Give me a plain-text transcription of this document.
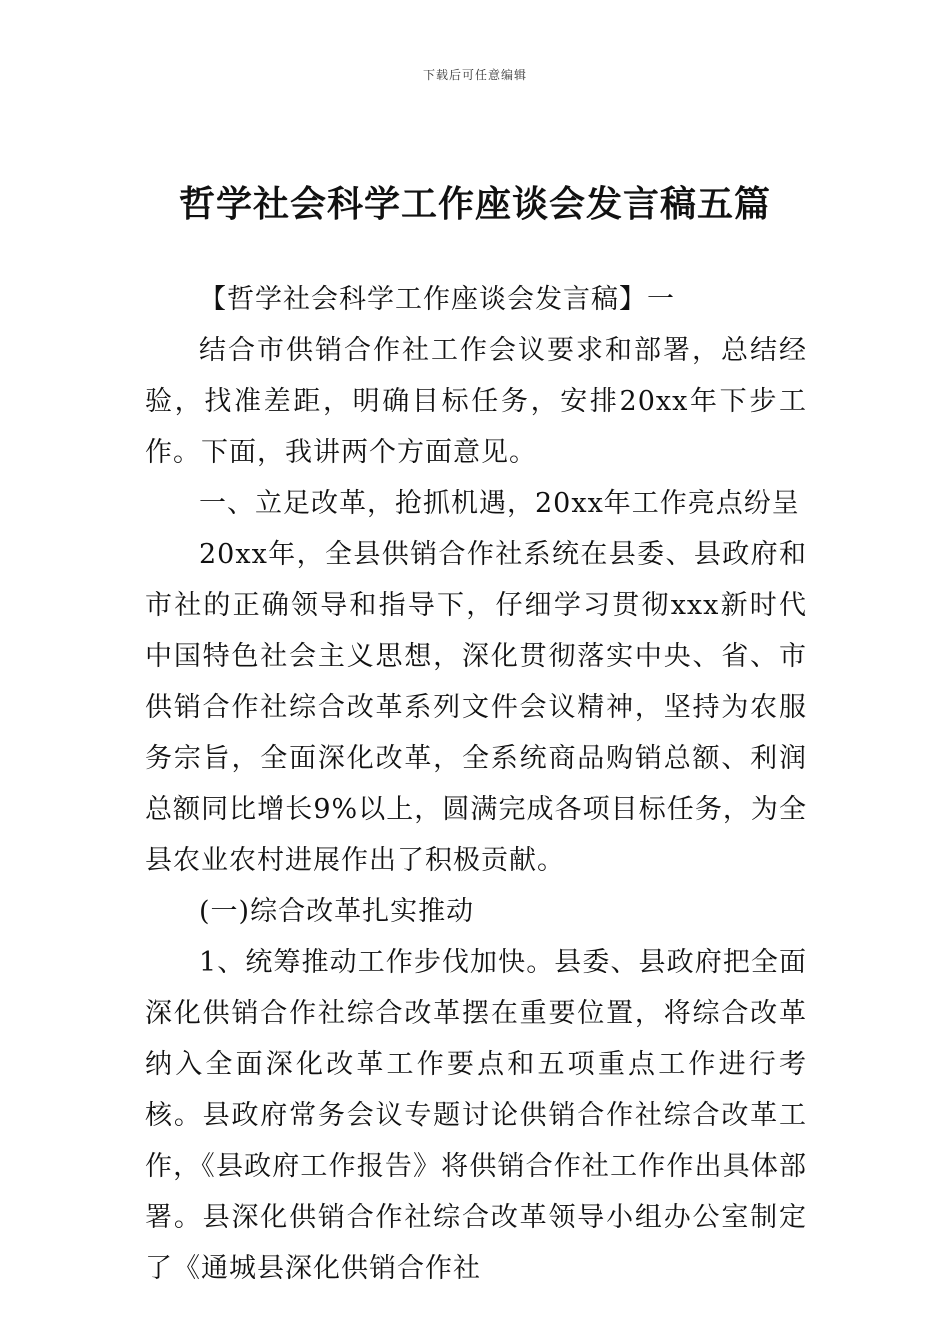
下载后可任意编辑
哲学社会科学工作座谈会发言稿五篇

【哲学社会科学工作座谈会发言稿】一

结合市供销合作社工作会议要求和部署，总结经验，找准差距，明确目标任务，安排20xx年下步工作。下面，我讲两个方面意见。

一、立足改革，抢抓机遇，20xx年工作亮点纷呈

20xx年，全县供销合作社系统在县委、县政府和市社的正确领导和指导下，仔细学习贯彻xxx新时代中国特色社会主义思想，深化贯彻落实中央、省、市供销合作社综合改革系列文件会议精神，坚持为农服务宗旨，全面深化改革，全系统商品购销总额、利润总额同比增长9%以上，圆满完成各项目标任务，为全县农业农村进展作出了积极贡献。

(一)综合改革扎实推动

1、统筹推动工作步伐加快。县委、县政府把全面深化供销合作社综合改革摆在重要位置，将综合改革纳入全面深化改革工作要点和五项重点工作进行考核。县政府常务会议专题讨论供销合作社综合改革工作，《县政府工作报告》将供销合作社工作作出具体部署。县深化供销合作社综合改革领导小组办公室制定了《通城县深化供销合作社
